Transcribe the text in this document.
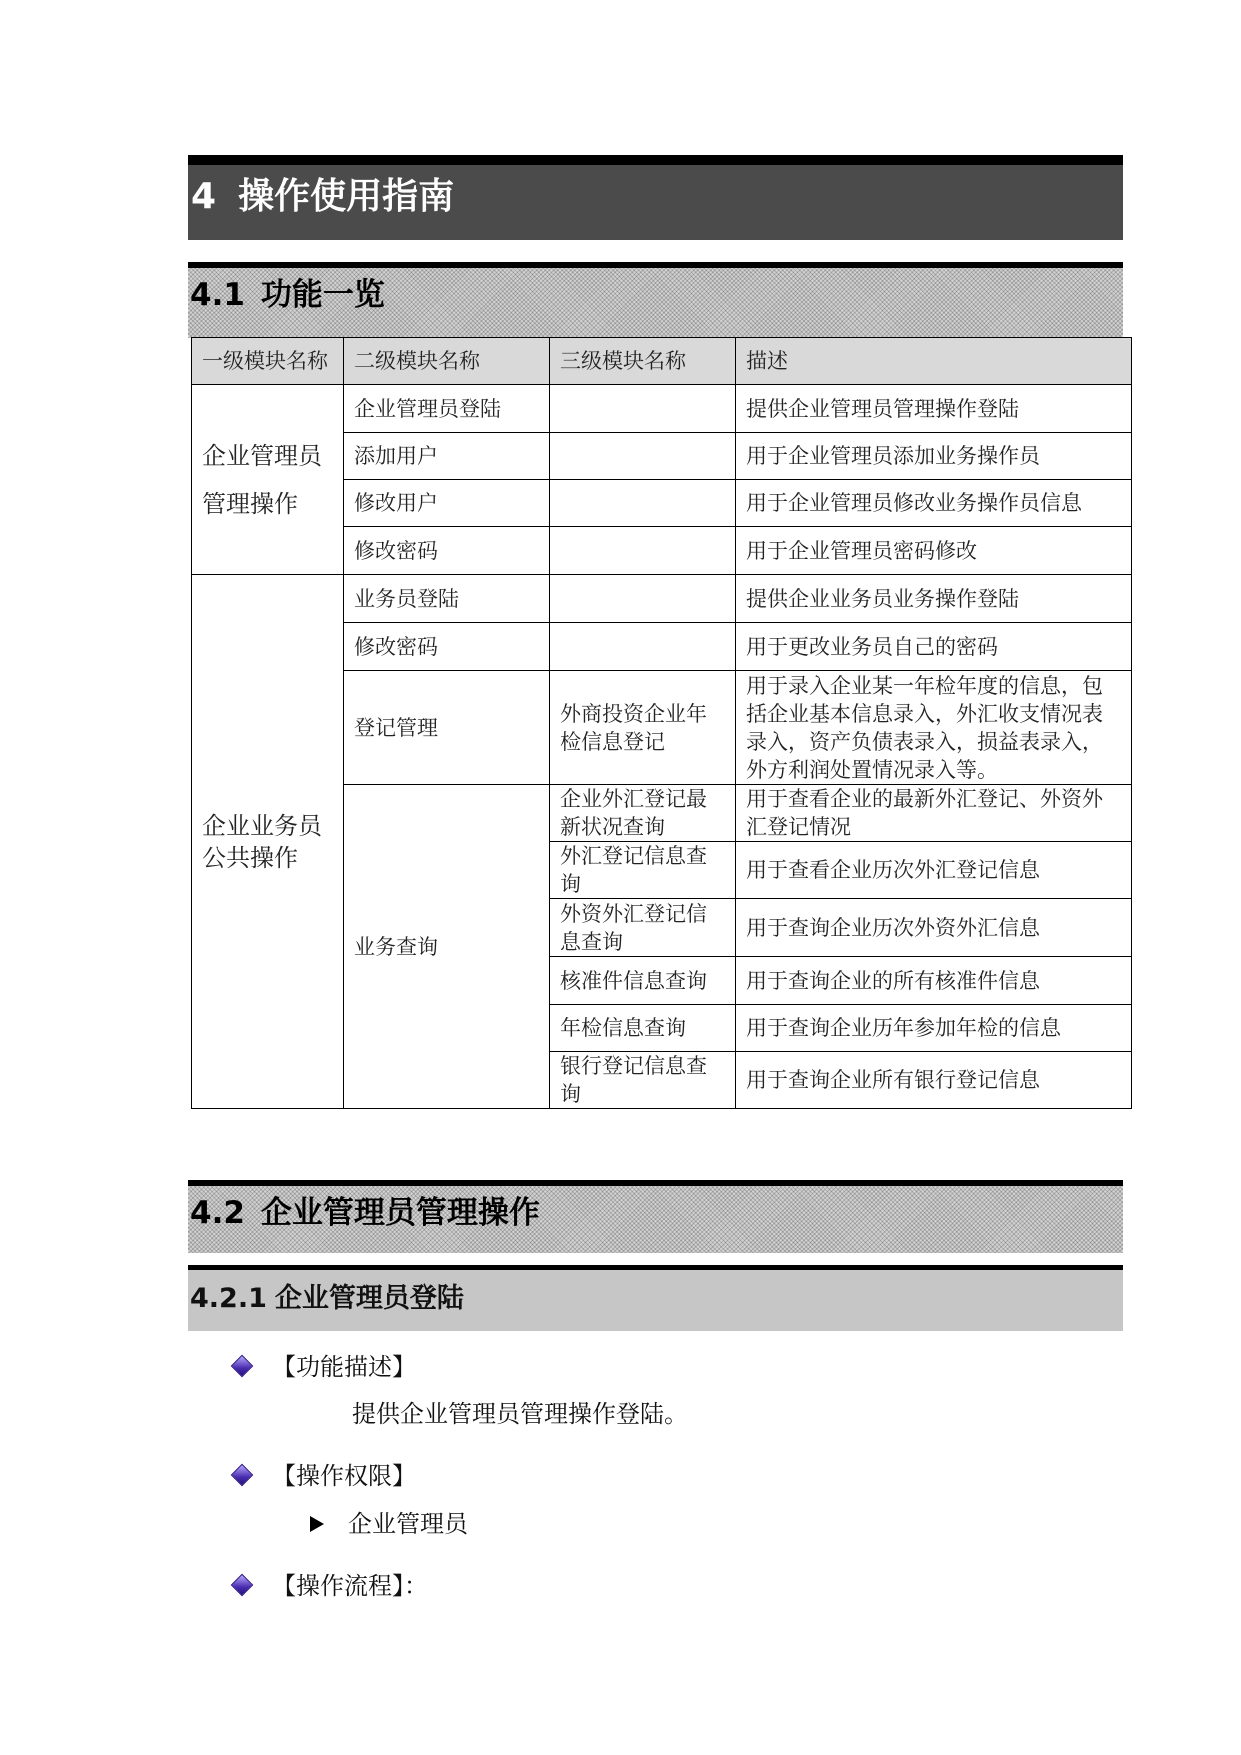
4 操作使用指南
4.1 功能一览
一级模块名称	二级模块名称	三级模块名称	描述

企业管理员
管理操作	企业管理员登陆		提供企业管理员管理操作登陆
	添加用户		用于企业管理员添加业务操作员
	修改用户		用于企业管理员修改业务操作员信息
	修改密码		用于企业管理员密码修改

企业业务员
公共操作	业务员登陆		提供企业业务员业务操作登陆
	修改密码		用于更改业务员自己的密码
	登记管理	外商投资企业年检信息登记	用于录入企业某一年检年度的信息，包括企业基本信息录入，外汇收支情况表录入，资产负债表录入，损益表录入，外方利润处置情况录入等。
	业务查询	企业外汇登记最新状况查询	用于查看企业的最新外汇登记、外资外汇登记情况
		外汇登记信息查询	用于查看企业历次外汇登记信息
		外资外汇登记信息查询	用于查询企业历次外资外汇信息
		核准件信息查询	用于查询企业的所有核准件信息
		年检信息查询	用于查询企业历年参加年检的信息
		银行登记信息查询	用于查询企业所有银行登记信息
4.2 企业管理员管理操作
4.2.1 企业管理员登陆
【功能描述】
提供企业管理员管理操作登陆。
【操作权限】
企业管理员
【操作流程】：
